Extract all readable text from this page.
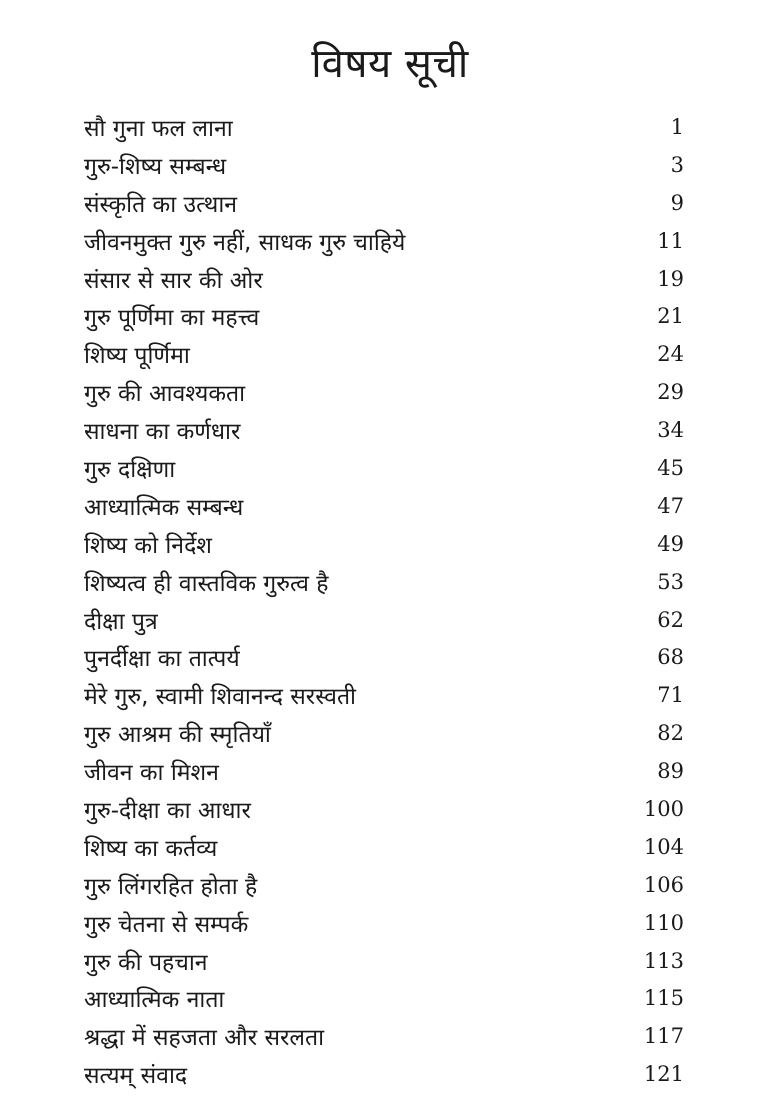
विषय सूची
सौ गुना फल लाना	1
गुरु-शिष्य सम्बन्ध	3
संस्कृति का उत्थान	9
जीवनमुक्त गुरु नहीं, साधक गुरु चाहिये	11
संसार से सार की ओर	19
गुरु पूर्णिमा का महत्त्व	21
शिष्य पूर्णिमा	24
गुरु की आवश्यकता	29
साधना का कर्णधार	34
गुरु दक्षिणा	45
आध्यात्मिक सम्बन्ध	47
शिष्य को निर्देश	49
शिष्यत्व ही वास्तविक गुरुत्व है	53
दीक्षा पुत्र	62
पुनर्दीक्षा का तात्पर्य	68
मेरे गुरु, स्वामी शिवानन्द सरस्वती	71
गुरु आश्रम की स्मृतियाँ	82
जीवन का मिशन	89
गुरु-दीक्षा का आधार	100
शिष्य का कर्तव्य	104
गुरु लिंगरहित होता है	106
गुरु चेतना से सम्पर्क	110
गुरु की पहचान	113
आध्यात्मिक नाता	115
श्रद्धा में सहजता और सरलता	117
सत्यम् संवाद	121
